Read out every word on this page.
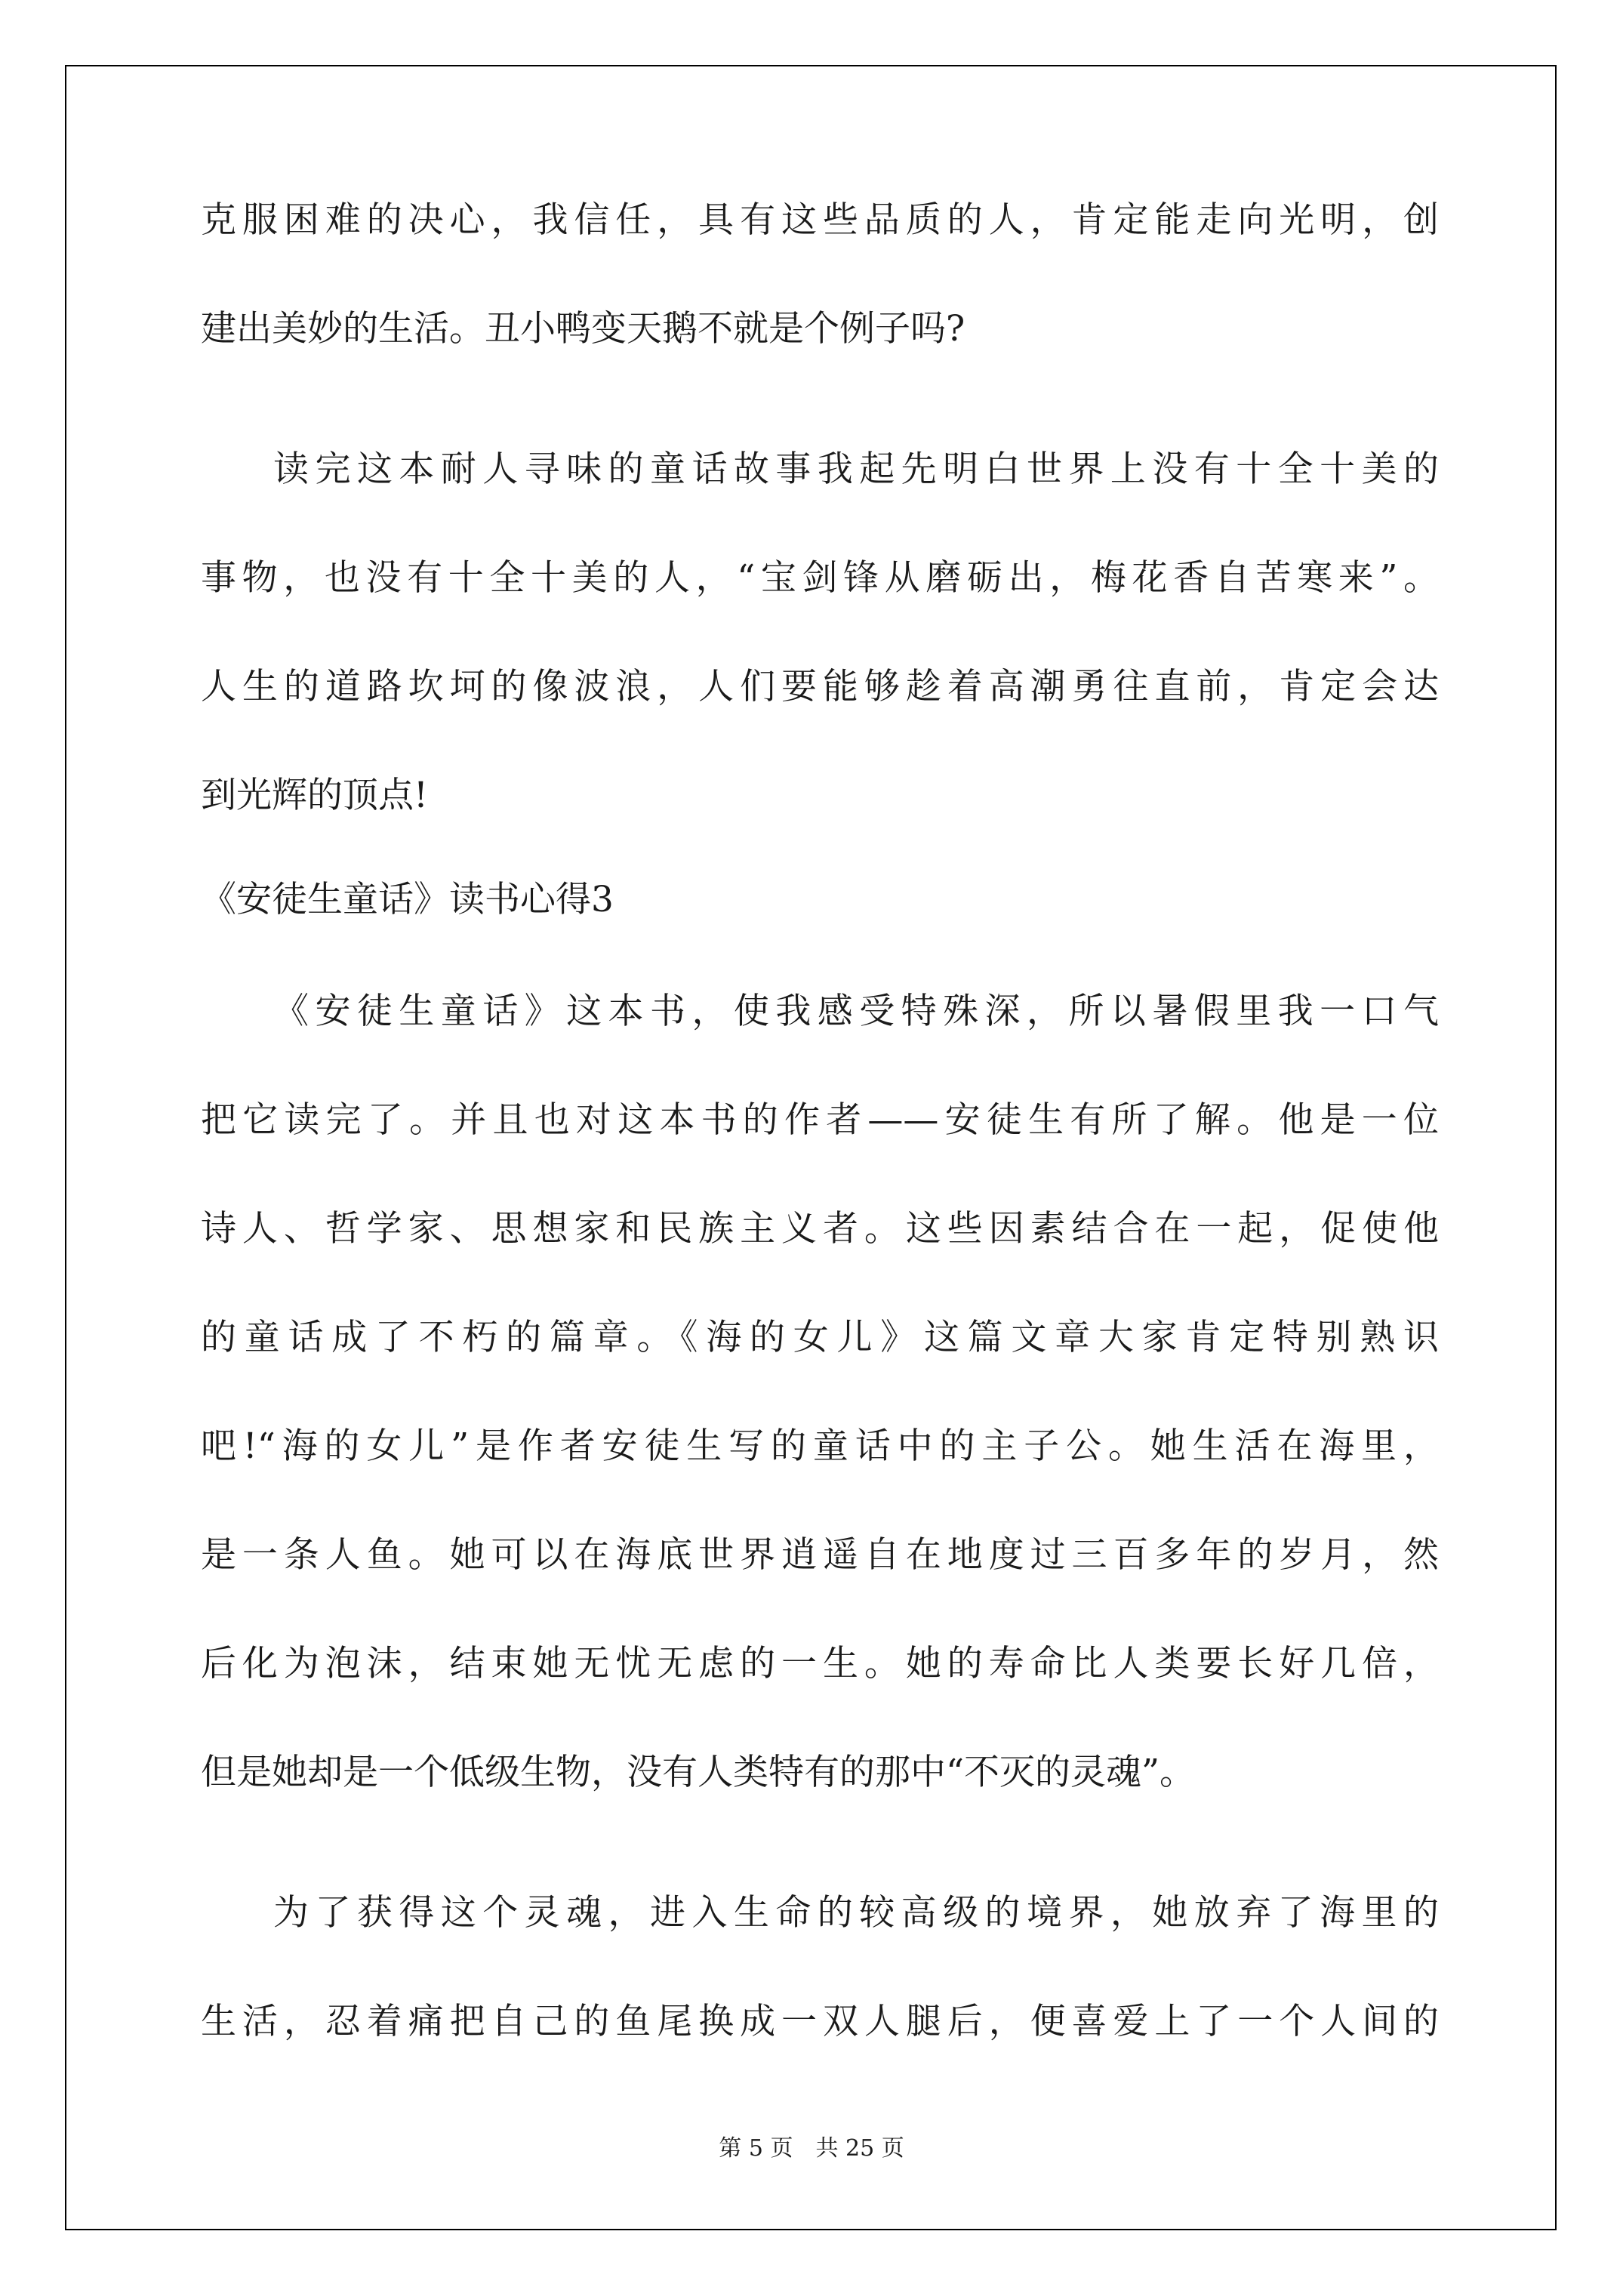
克服困难的决心，我信任，具有这些品质的人，肯定能走向光明，创
建出美妙的生活。丑小鸭变天鹅不就是个例子吗?
读完这本耐人寻味的童话故事我起先明白世界上没有十全十美的
事物，也没有十全十美的人，“宝剑锋从磨砺出，梅花香自苦寒来”。
人生的道路坎坷的像波浪，人们要能够趁着高潮勇往直前，肯定会达
到光辉的顶点!
《安徒生童话》读书心得3
《安徒生童话》这本书，使我感受特殊深，所以暑假里我一口气
把它读完了。并且也对这本书的作者——安徒生有所了解。他是一位
诗人、哲学家、思想家和民族主义者。这些因素结合在一起，促使他
的童话成了不朽的篇章。《海的女儿》这篇文章大家肯定特别熟识
吧!“海的女儿”是作者安徒生写的童话中的主子公。她生活在海里，
是一条人鱼。她可以在海底世界逍遥自在地度过三百多年的岁月，然
后化为泡沫，结束她无忧无虑的一生。她的寿命比人类要长好几倍，
但是她却是一个低级生物，没有人类特有的那中“不灭的灵魂”。
为了获得这个灵魂，进入生命的较高级的境界，她放弃了海里的
生活，忍着痛把自己的鱼尾换成一双人腿后，便喜爱上了一个人间的
第 5 页　共 25 页
